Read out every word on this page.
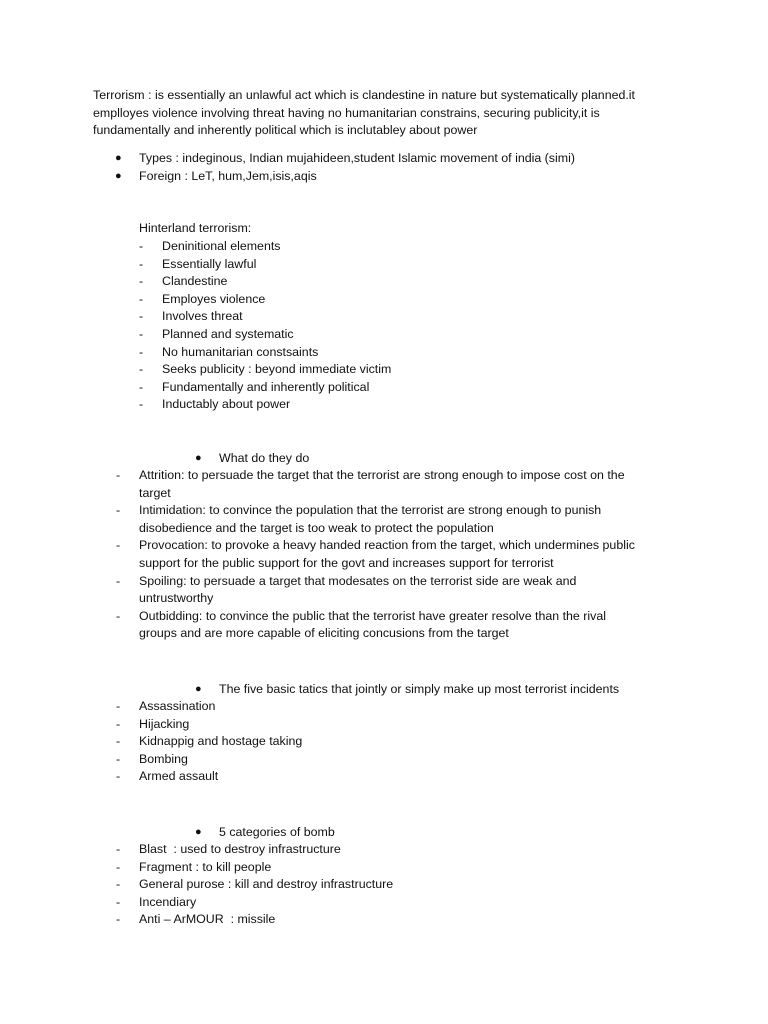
Terrorism : is essentially an unlawful act which is clandestine in nature but systematically planned.it
emplloyes violence involving threat having no humanitarian constrains, securing publicity,it is
fundamentally and inherently political which is inclutabley about power

● Types : indeginous, Indian mujahideen,student Islamic movement of india (simi)
● Foreign : LeT, hum,Jem,isis,aqis

Hinterland terrorism:

- Deninitional elements
- Essentially lawful
- Clandestine
- Employes violence
- Involves threat
- Planned and systematic
- No humanitarian constsaints
- Seeks publicity : beyond immediate victim
- Fundamentally and inherently political
- Inductably about power
● What do they do
- Attrition: to persuade the target that the terrorist are strong enough to impose cost on the
target
- Intimidation: to convince the population that the terrorist are strong enough to punish
disobedience and the target is too weak to protect the population
- Provocation: to provoke a heavy handed reaction from the target, which undermines public
support for the public support for the govt and increases support for terrorist
- Spoiling: to persuade a target that modesates on the terrorist side are weak and
untrustworthy
- Outbidding: to convince the public that the terrorist have greater resolve than the rival
groups and are more capable of eliciting concusions from the target
● The five basic tatics that jointly or simply make up most terrorist incidents
- Assassination
- Hijacking
- Kidnappig and hostage taking
- Bombing
- Armed assault
● 5 categories of bomb
- Blast  : used to destroy infrastructure
- Fragment : to kill people
- General purose : kill and destroy infrastructure
- Incendiary
- Anti – ArMOUR  : missile
